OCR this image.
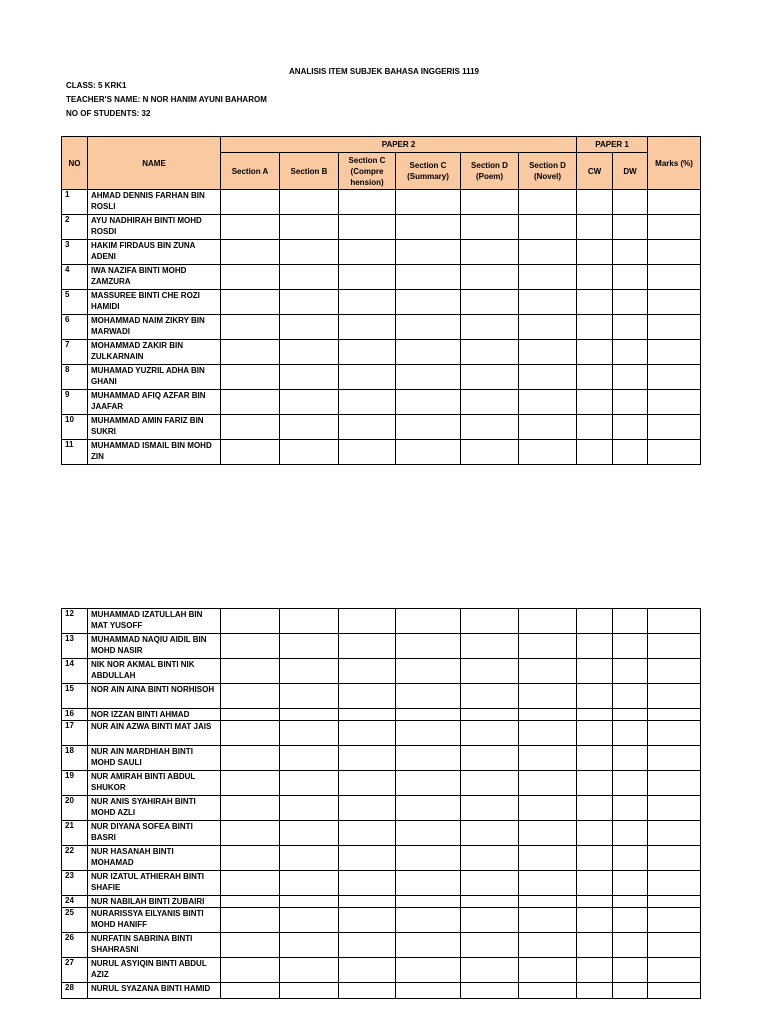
ANALISIS ITEM SUBJEK BAHASA INGGERIS 1119
CLASS: 5 KRK1
TEACHER'S NAME: N NOR HANIM AYUNI BAHAROM
NO OF STUDENTS: 32
NO	NAME	PAPER 2						PAPER 1		Marks (%)
		Section A	Section B	Section C (Compre hension)	Section C (Summary)	Section D (Poem)	Section D (Novel)	CW	DW	
1	AHMAD DENNIS FARHAN BIN ROSLI									
2	AYU NADHIRAH BINTI MOHD ROSDI									
3	HAKIM FIRDAUS BIN ZUNA ADENI									
4	IWA NAZIFA BINTI MOHD ZAMZURA									
5	MASSUREE BINTI CHE ROZI HAMIDI									
6	MOHAMMAD NAIM ZIKRY BIN MARWADI									
7	MOHAMMAD ZAKIR BIN ZULKARNAIN									
8	MUHAMAD YUZRIL ADHA BIN GHANI									
9	MUHAMMAD AFIQ AZFAR BIN JAAFAR									
10	MUHAMMAD AMIN FARIZ BIN SUKRI									
11	MUHAMMAD ISMAIL BIN MOHD ZIN									
12	MUHAMMAD IZATULLAH BIN MAT YUSOFF									
13	MUHAMMAD NAQIU AIDIL BIN MOHD NASIR									
14	NIK NOR AKMAL BINTI NIK ABDULLAH									
15	NOR AIN AINA BINTI NORHISOH									
16	NOR IZZAN BINTI AHMAD									
17	NUR AIN AZWA BINTI MAT JAIS									
18	NUR AIN MARDHIAH BINTI MOHD SAULI									
19	NUR AMIRAH BINTI ABDUL SHUKOR									
20	NUR ANIS SYAHIRAH BINTI MOHD AZLI									
21	NUR DIYANA SOFEA BINTI BASRI									
22	NUR HASANAH BINTI MOHAMAD									
23	NUR IZATUL ATHIERAH BINTI SHAFIE									
24	NUR NABILAH BINTI ZUBAIRI									
25	NURARISSYA EILYANIS BINTI MOHD HANIFF									
26	NURFATIN SABRINA BINTI SHAHRASNI									
27	NURUL ASYIQIN BINTI ABDUL AZIZ									
28	NURUL SYAZANA BINTI HAMID									
